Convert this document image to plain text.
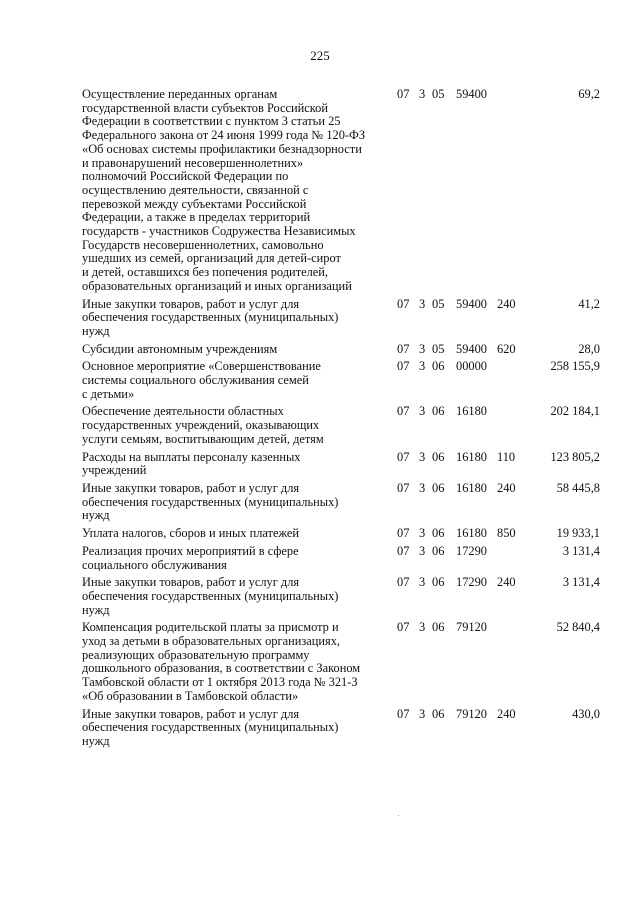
225
Осуществление переданных органам
государственной власти субъектов Российской
Федерации в соответствии с пунктом 3 статьи 25
Федерального закона от 24 июня 1999 года № 120-ФЗ
«Об основах системы профилактики безнадзорности
и правонарушений несовершеннолетних»
полномочий Российской Федерации по
осуществлению деятельности, связанной с
перевозкой между субъектами Российской
Федерации, а также в пределах территорий
государств - участников Содружества Независимых
Государств несовершеннолетних, самовольно
ушедших из семей, организаций для детей-сирот
и детей, оставшихся без попечения родителей,
образовательных организаций и иных организаций
07 3 05 59400	69,2
Иные закупки товаров, работ и услуг для
обеспечения государственных (муниципальных)
нужд
07 3 05 59400 240	41,2
Субсидии автономным учреждениям	07 3 05 59400 620	28,0
Основное мероприятие «Совершенствование
системы социального обслуживания семей
с детьми»
07 3 06 00000	258 155,9
Обеспечение деятельности областных
государственных учреждений, оказывающих
услуги семьям, воспитывающим детей, детям
07 3 06 16180	202 184,1
Расходы на выплаты персоналу казенных
учреждений
07 3 06 16180 110	123 805,2
Иные закупки товаров, работ и услуг для
обеспечения государственных (муниципальных)
нужд
07 3 06 16180 240	58 445,8
Уплата налогов, сборов и иных платежей	07 3 06 16180 850	19 933,1
Реализация прочих мероприятий в сфере
социального обслуживания
07 3 06 17290	3 131,4
Иные закупки товаров, работ и услуг для
обеспечения государственных (муниципальных)
нужд
07 3 06 17290 240	3 131,4
Компенсация родительской платы за присмотр и
уход за детьми в образовательных организациях,
реализующих образовательную программу
дошкольного образования, в соответствии с Законом
Тамбовской области от 1 октября 2013 года № 321-З
«Об образовании в Тамбовской области»
07 3 06 79120	52 840,4
Иные закупки товаров, работ и услуг для
обеспечения государственных (муниципальных)
нужд
07 3 06 79120 240	430,0
